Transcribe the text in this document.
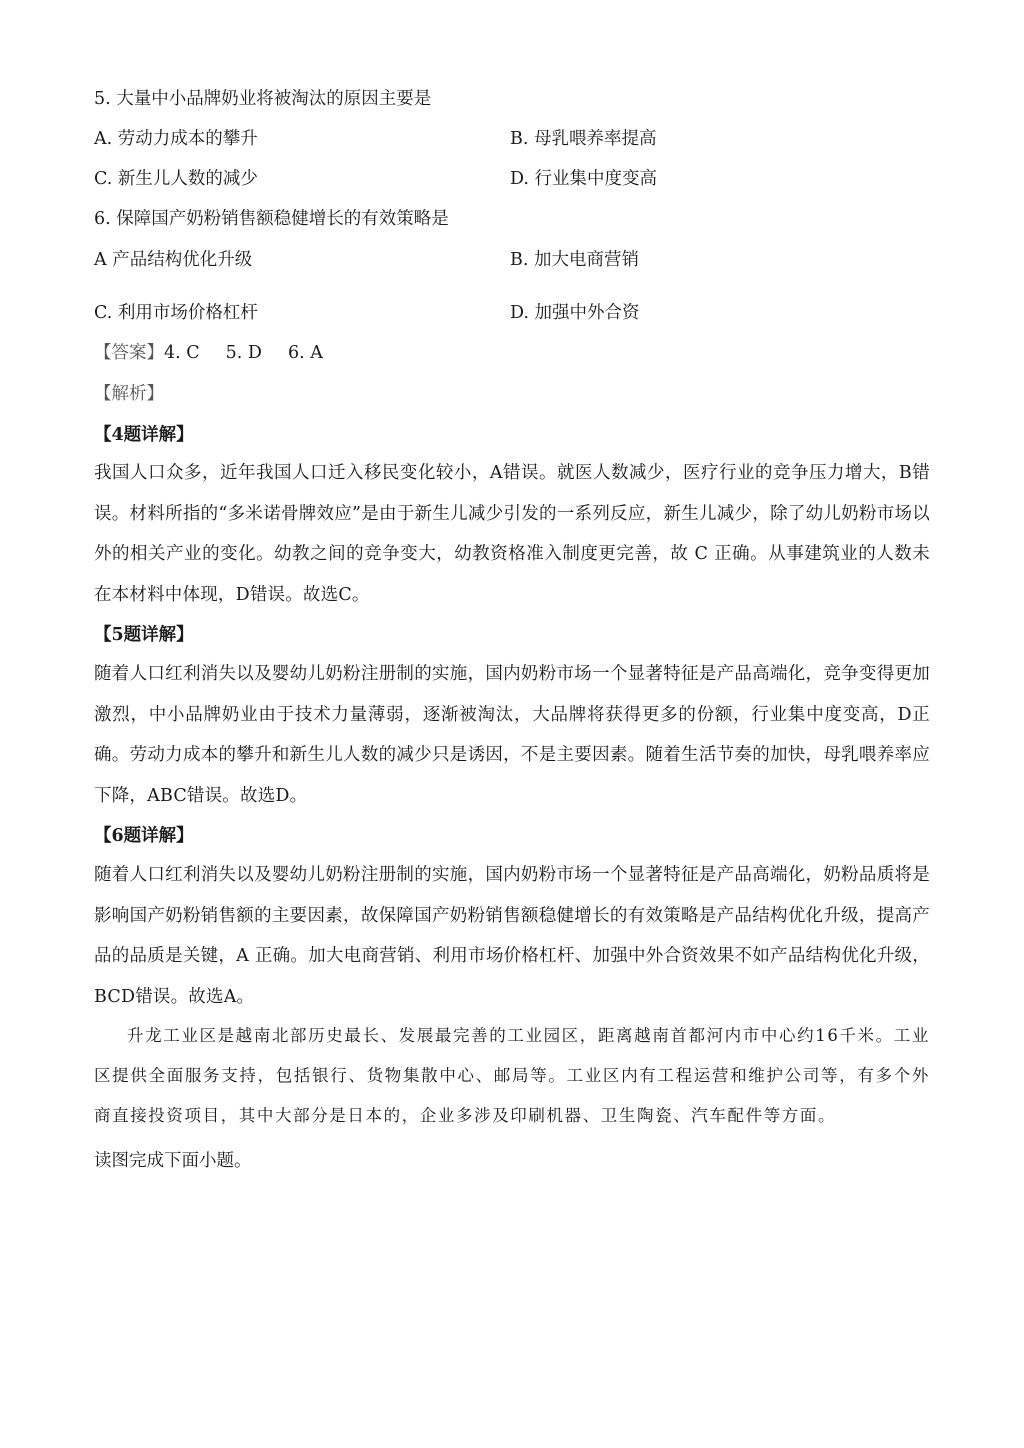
5. 大量中小品牌奶业将被淘汰的原因主要是
A. 劳动力成本的攀升	B. 母乳喂养率提高
C. 新生儿人数的减少	D. 行业集中度变高
6. 保障国产奶粉销售额稳健增长的有效策略是
A 产品结构优化升级	B. 加大电商营销
C. 利用市场价格杠杆	D. 加强中外合资
【答案】4. C 5. D 6. A
【解析】
【4题详解】
我国人口众多，近年我国人口迁入移民变化较小，A错误。就医人数减少，医疗行业的竞争压力增大，B错误。材料所指的“多米诺骨牌效应”是由于新生儿减少引发的一系列反应，新生儿减少，除了幼儿奶粉市场以外的相关产业的变化。幼教之间的竞争变大，幼教资格准入制度更完善，故 C 正确。从事建筑业的人数未在本材料中体现，D错误。故选C。
【5题详解】
随着人口红利消失以及婴幼儿奶粉注册制的实施，国内奶粉市场一个显著特征是产品高端化，竞争变得更加激烈，中小品牌奶业由于技术力量薄弱，逐渐被淘汰，大品牌将获得更多的份额，行业集中度变高，D正确。劳动力成本的攀升和新生儿人数的减少只是诱因，不是主要因素。随着生活节奏的加快，母乳喂养率应下降，ABC错误。故选D。
【6题详解】
随着人口红利消失以及婴幼儿奶粉注册制的实施，国内奶粉市场一个显著特征是产品高端化，奶粉品质将是影响国产奶粉销售额的主要因素，故保障国产奶粉销售额稳健增长的有效策略是产品结构优化升级，提高产品的品质是关键，A 正确。加大电商营销、利用市场价格杠杆、加强中外合资效果不如产品结构优化升级，BCD错误。故选A。
升龙工业区是越南北部历史最长、发展最完善的工业园区，距离越南首都河内市中心约16千米。工业区提供全面服务支持，包括银行、货物集散中心、邮局等。工业区内有工程运营和维护公司等，有多个外商直接投资项目，其中大部分是日本的，企业多涉及印刷机器、卫生陶瓷、汽车配件等方面。
读图完成下面小题。
